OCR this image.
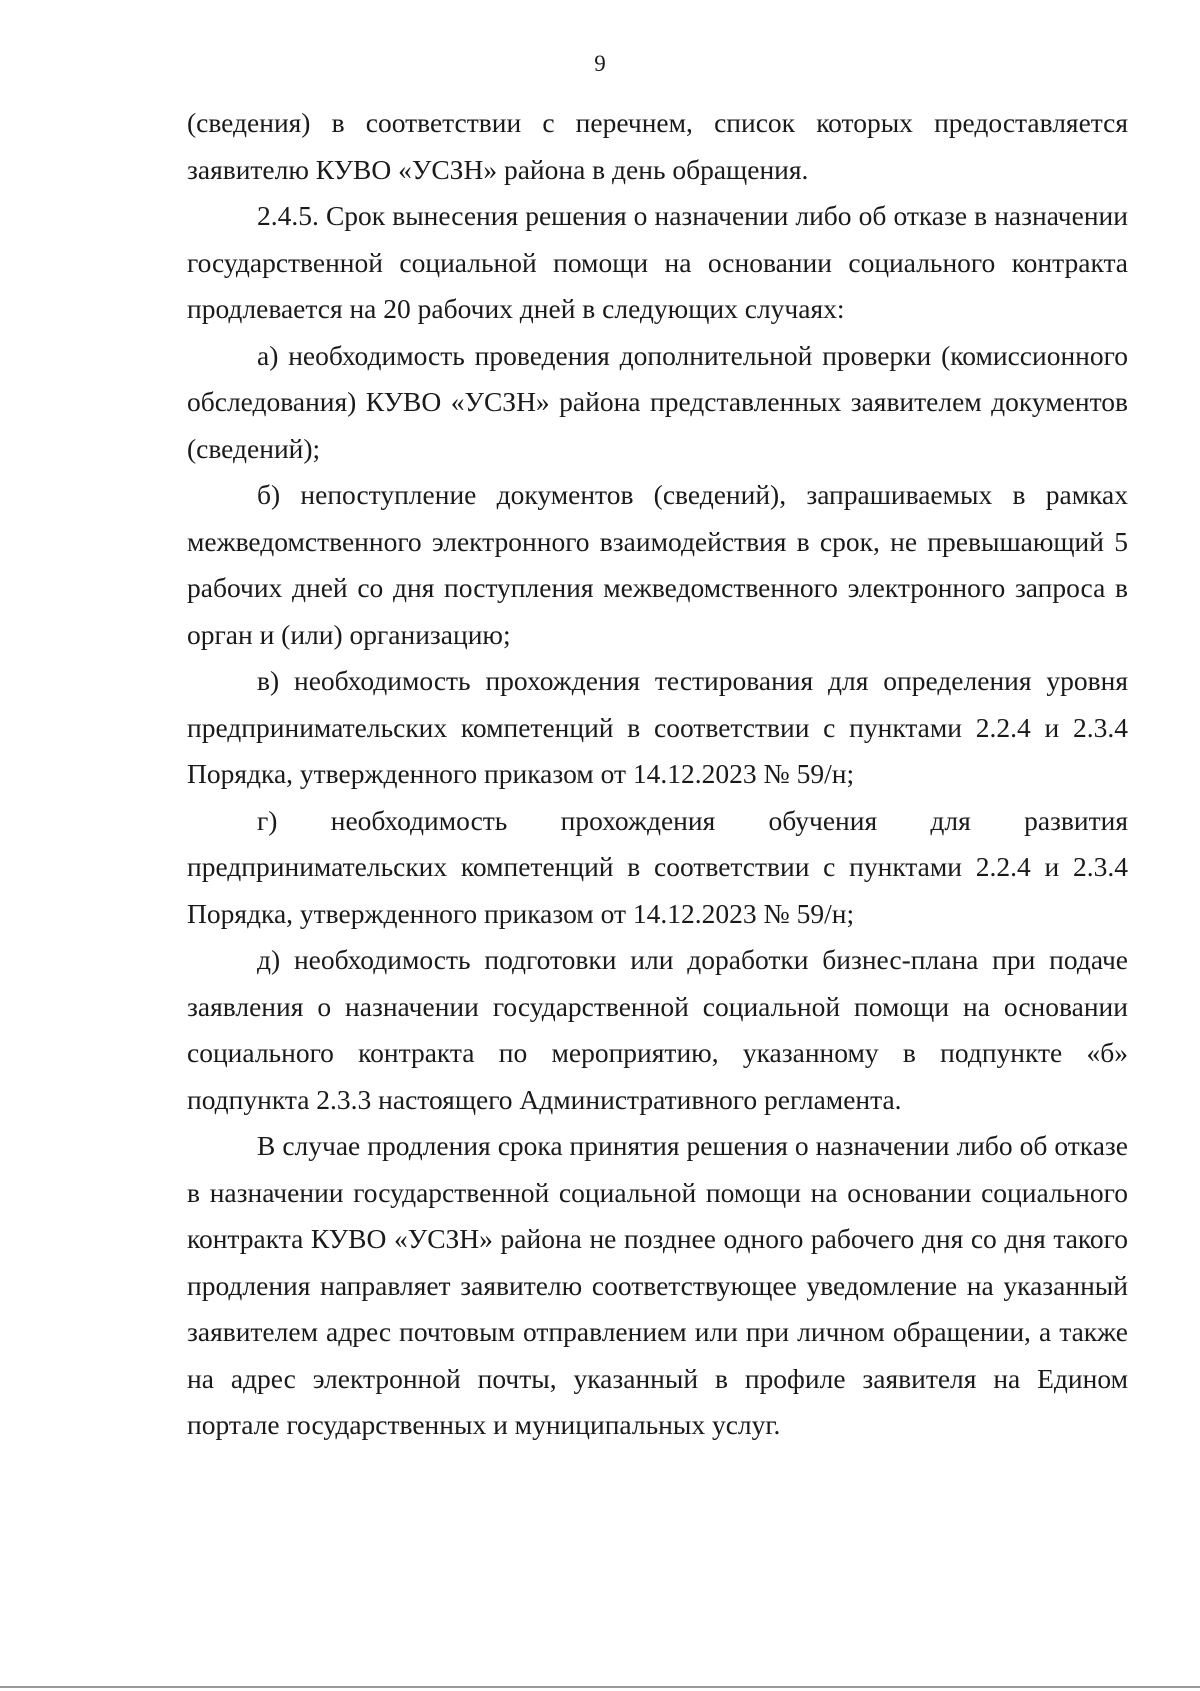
9

(сведения) в соответствии с перечнем, список которых предоставляется заявителю КУВО «УСЗН» района в день обращения.

2.4.5. Срок вынесения решения о назначении либо об отказе в назначении государственной социальной помощи на основании социального контракта продлевается на 20 рабочих дней в следующих случаях:

а) необходимость проведения дополнительной проверки (комиссионного обследования) КУВО «УСЗН» района представленных заявителем документов (сведений);

б) непоступление документов (сведений), запрашиваемых в рамках межведомственного электронного взаимодействия в срок, не превышающий 5 рабочих дней со дня поступления межведомственного электронного запроса в орган и (или) организацию;

в) необходимость прохождения тестирования для определения уровня предпринимательских компетенций в соответствии с пунктами 2.2.4 и 2.3.4 Порядка, утвержденного приказом от 14.12.2023 № 59/н;

г) необходимость прохождения обучения для развития предпринимательских компетенций в соответствии с пунктами 2.2.4 и 2.3.4 Порядка, утвержденного приказом от 14.12.2023 № 59/н;

д) необходимость подготовки или доработки бизнес-плана при подаче заявления о назначении государственной социальной помощи на основании социального контракта по мероприятию, указанному в подпункте «б» подпункта 2.3.3 настоящего Административного регламента.

В случае продления срока принятия решения о назначении либо об отказе в назначении государственной социальной помощи на основании социального контракта КУВО «УСЗН» района не позднее одного рабочего дня со дня такого продления направляет заявителю соответствующее уведомление на указанный заявителем адрес почтовым отправлением или при личном обращении, а также на адрес электронной почты, указанный в профиле заявителя на Едином портале государственных и муниципальных услуг.
